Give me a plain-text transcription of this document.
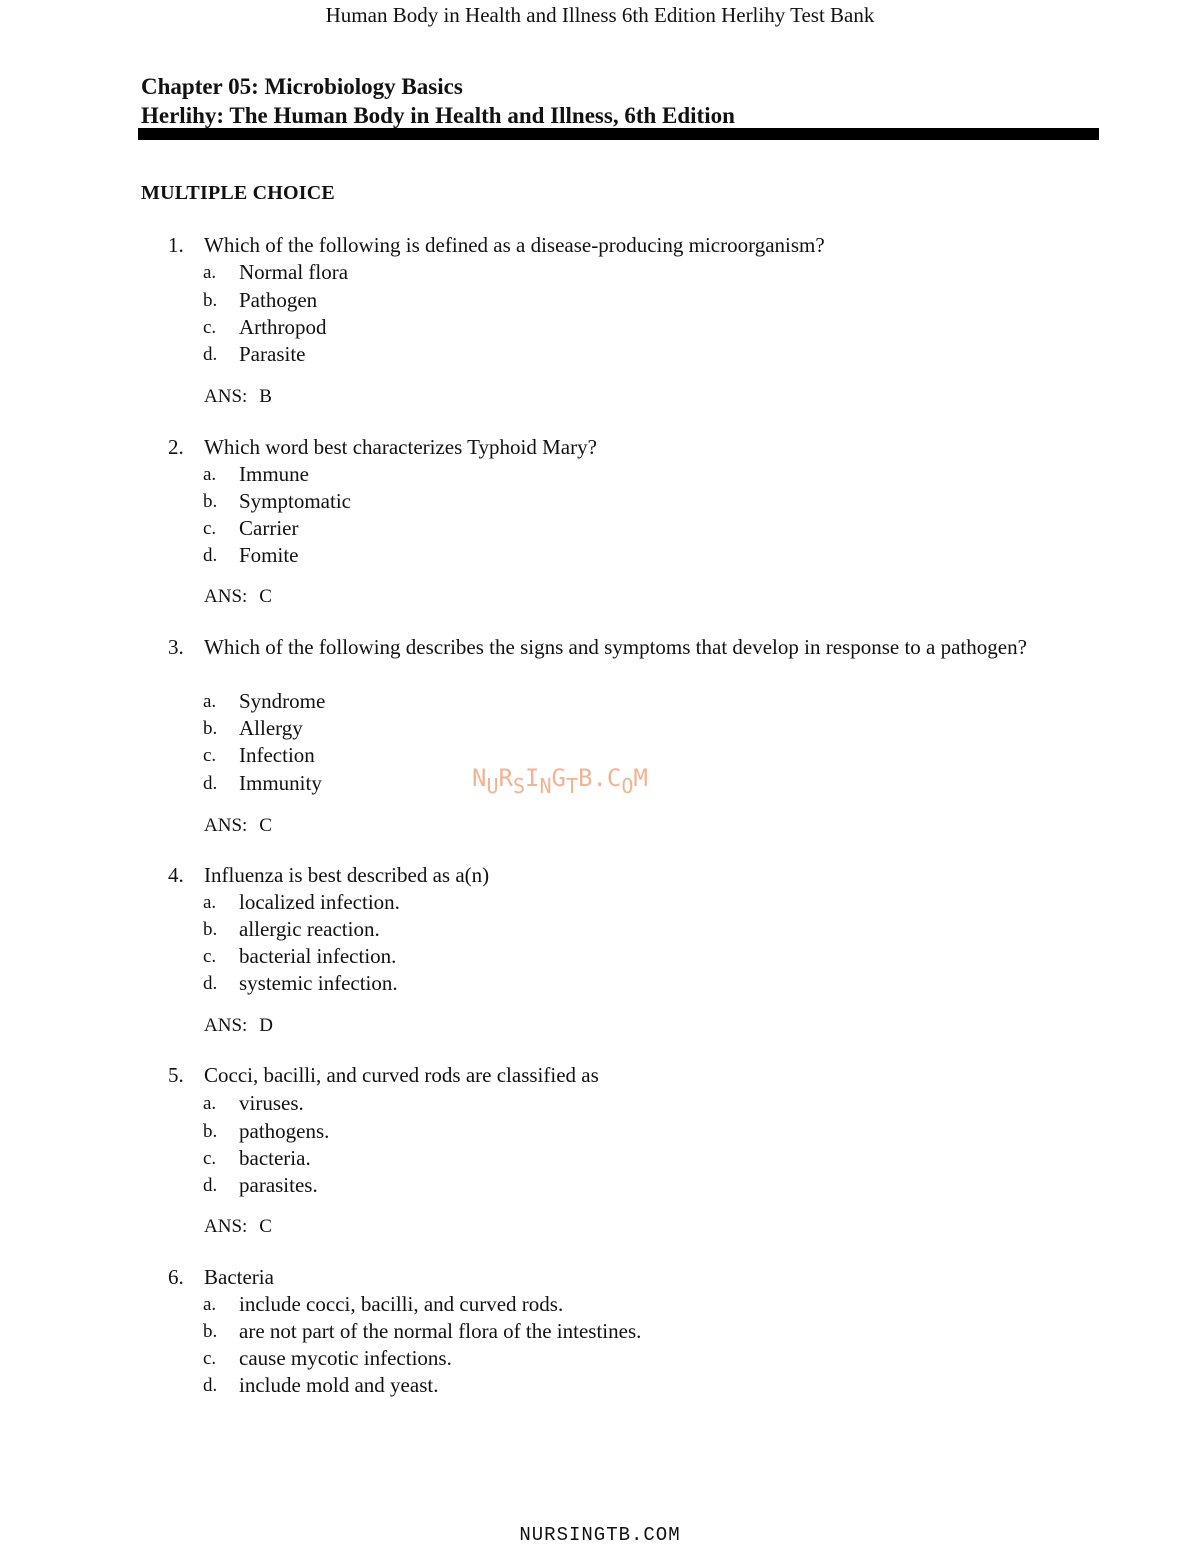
Human Body in Health and Illness 6th Edition Herlihy Test Bank

Chapter 05: Microbiology Basics

Herlihy: The Human Body in Health and Illness, 6th Edition

MULTIPLE CHOICE
1. Which of the following is defined as a disease-producing microorganism?
a. Normal flora
b. Pathogen
c. Arthropod
d. Parasite
ANS: B
2. Which word best characterizes Typhoid Mary?
a. Immune
b. Symptomatic
c. Carrier
d. Fomite
ANS: C
3. Which of the following describes the signs and symptoms that develop in response to a pathogen?
a. Syndrome
b. Allergy
c. Infection
d. Immunity
ANS: C
4. Influenza is best described as a(n)
a. localized infection.
b. allergic reaction.
c. bacterial infection.
d. systemic infection.
ANS: D
5. Cocci, bacilli, and curved rods are classified as
a. viruses.
b. pathogens.
c. bacteria.
d. parasites.
ANS: C
6. Bacteria
a. include cocci, bacilli, and curved rods.
b. are not part of the normal flora of the intestines.
c. cause mycotic infections.
d. include mold and yeast.
$N_UR_SI_NG_TB.C_OM$
NURSINGTB.COM
